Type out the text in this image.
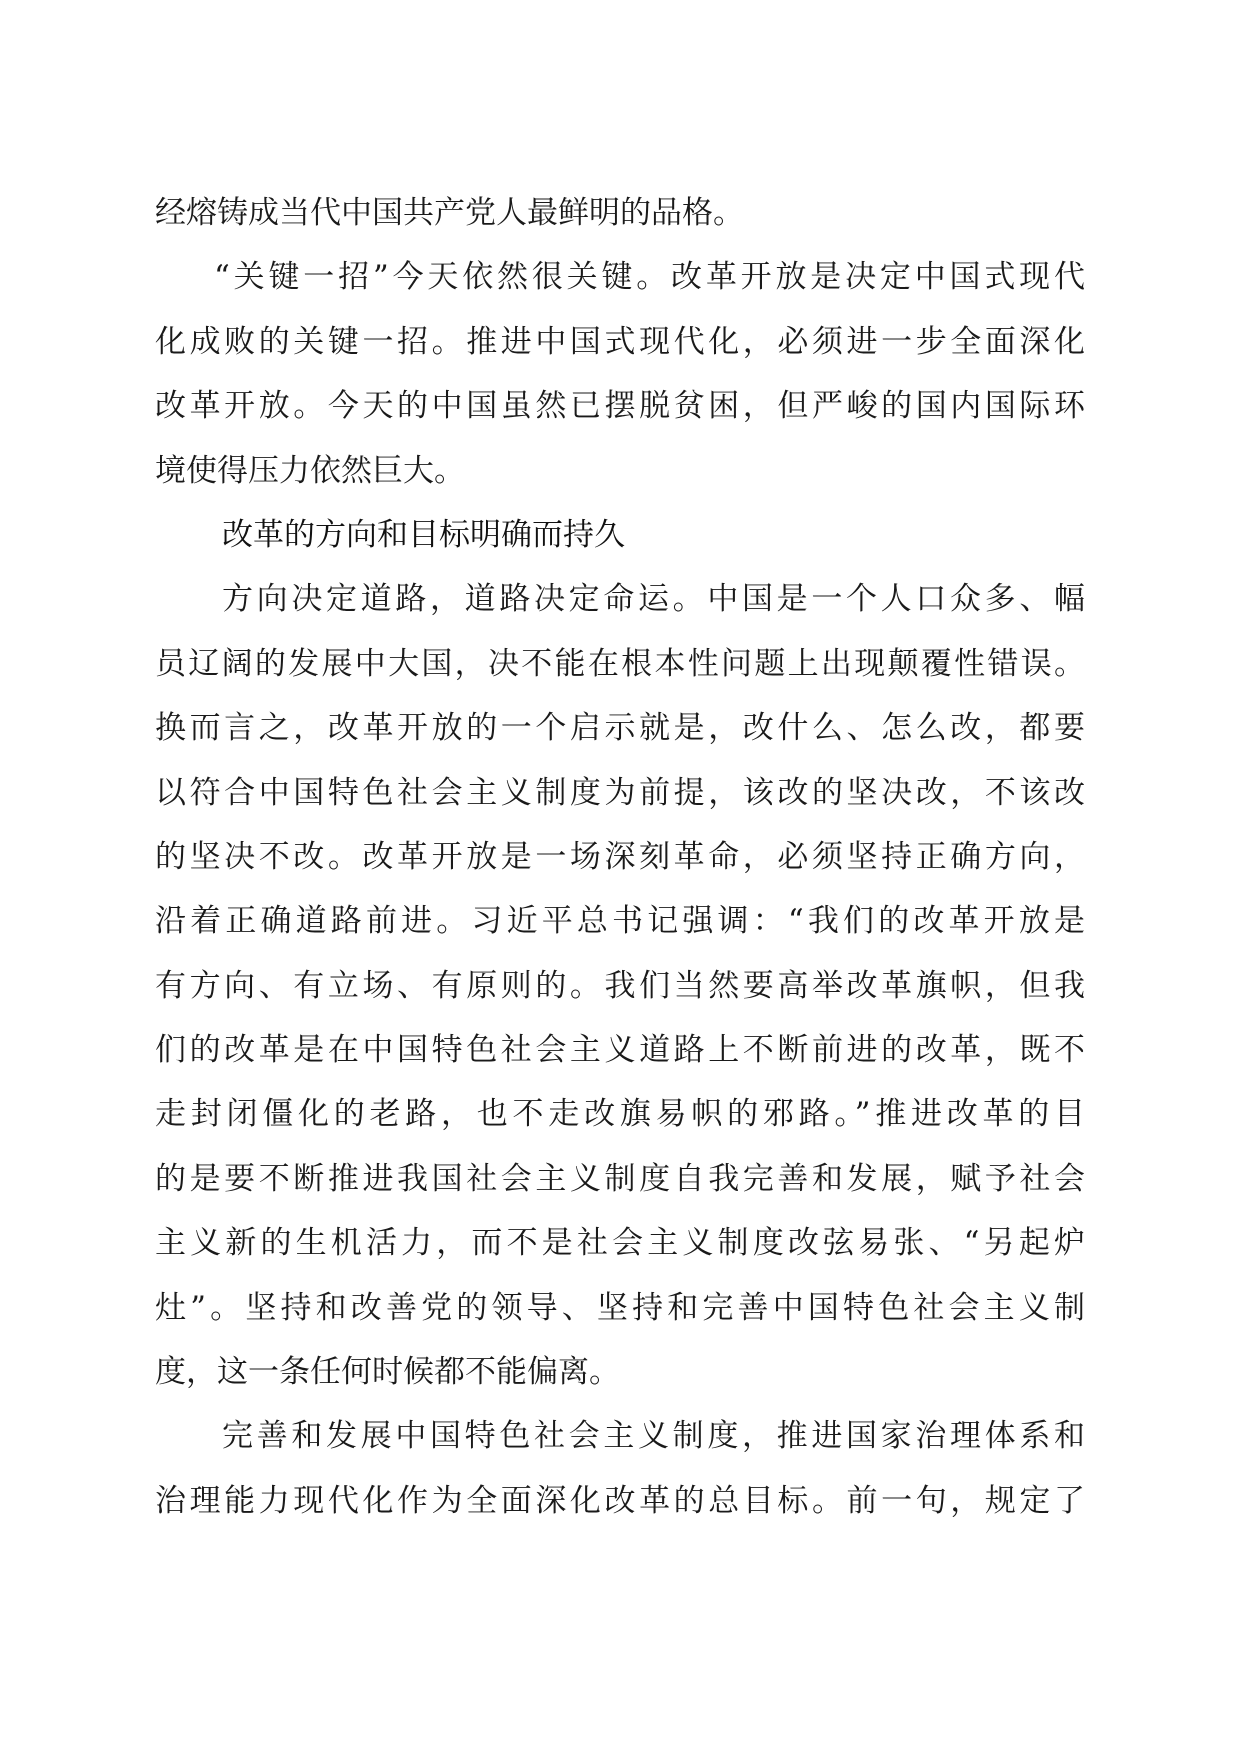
经熔铸成当代中国共产党人最鲜明的品格。
“关键一招”今天依然很关键。改革开放是决定中国式现代
化成败的关键一招。推进中国式现代化，必须进一步全面深化
改革开放。今天的中国虽然已摆脱贫困，但严峻的国内国际环
境使得压力依然巨大。
改革的方向和目标明确而持久
方向决定道路，道路决定命运。中国是一个人口众多、幅
员辽阔的发展中大国，决不能在根本性问题上出现颠覆性错误。
换而言之，改革开放的一个启示就是，改什么、怎么改，都要
以符合中国特色社会主义制度为前提，该改的坚决改，不该改
的坚决不改。改革开放是一场深刻革命，必须坚持正确方向，
沿着正确道路前进。习近平总书记强调：“我们的改革开放是
有方向、有立场、有原则的。我们当然要高举改革旗帜，但我
们的改革是在中国特色社会主义道路上不断前进的改革，既不
走封闭僵化的老路，也不走改旗易帜的邪路。”推进改革的目
的是要不断推进我国社会主义制度自我完善和发展，赋予社会
主义新的生机活力，而不是社会主义制度改弦易张、“另起炉
灶”。坚持和改善党的领导、坚持和完善中国特色社会主义制
度，这一条任何时候都不能偏离。
完善和发展中国特色社会主义制度，推进国家治理体系和
治理能力现代化作为全面深化改革的总目标。前一句，规定了
